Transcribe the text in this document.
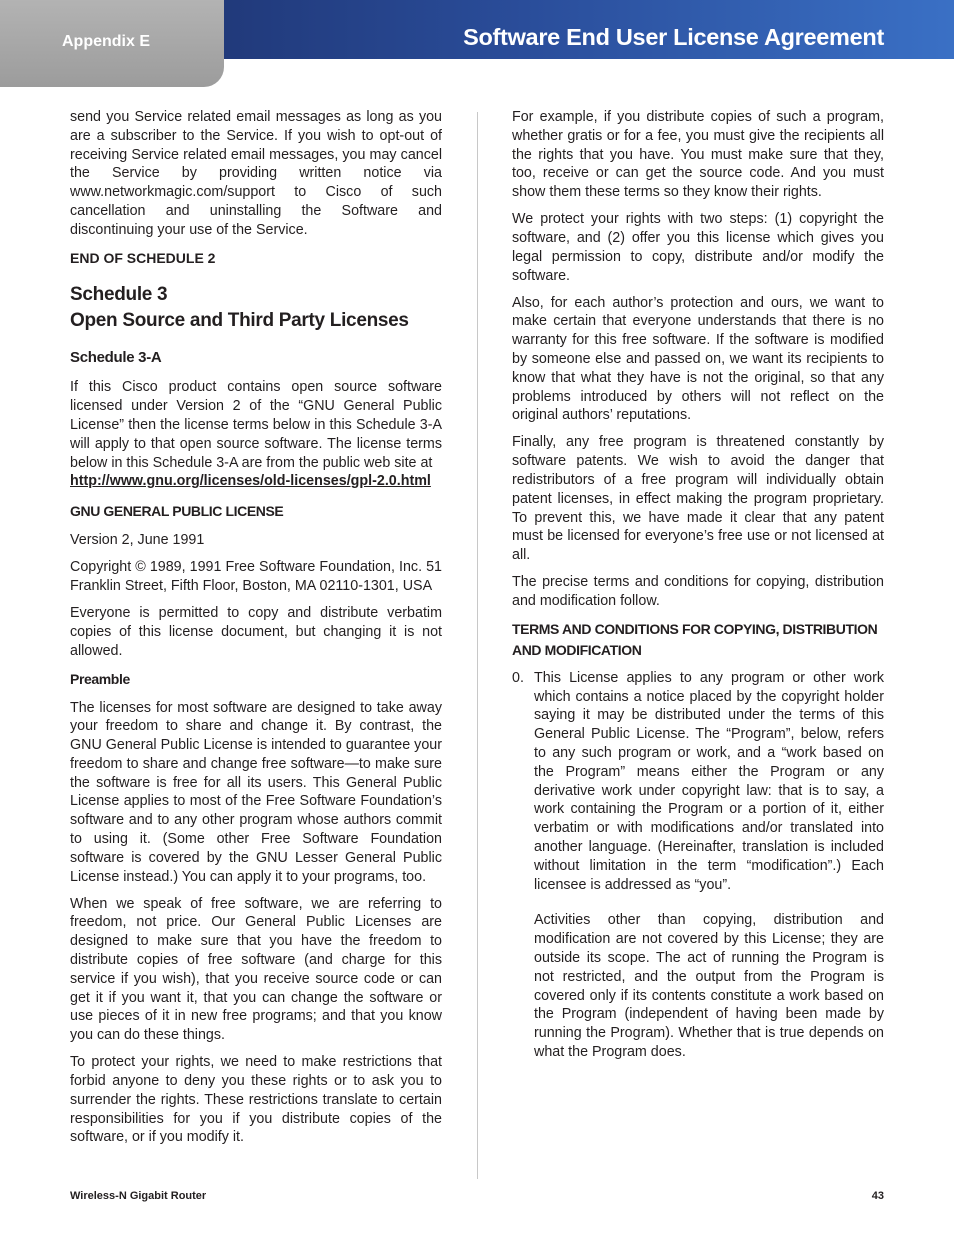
Appendix E	Software End User License Agreement

send you Service related email messages as long as you are a subscriber to the Service. If you wish to opt-out of receiving Service related email messages, you may cancel the Service by providing written notice via www.networkmagic.com/support to Cisco of such cancellation and uninstalling the Software and discontinuing your use of the Service.

END OF SCHEDULE 2

Schedule 3
Open Source and Third Party Licenses
Schedule 3-A

If this Cisco product contains open source software licensed under Version 2 of the “GNU General Public License” then the license terms below in this Schedule 3-A will apply to that open source software. The license terms below in this Schedule 3-A are from the public web site at

http://www.gnu.org/licenses/old-licenses/gpl-2.0.html

GNU GENERAL PUBLIC LICENSE

Version 2, June 1991

Copyright © 1989, 1991 Free Software Foundation, Inc. 51 Franklin Street, Fifth Floor, Boston, MA 02110-1301, USA

Everyone is permitted to copy and distribute verbatim copies of this license document, but changing it is not allowed.

Preamble

The licenses for most software are designed to take away your freedom to share and change it. By contrast, the GNU General Public License is intended to guarantee your freedom to share and change free software—to make sure the software is free for all its users. This General Public License applies to most of the Free Software Foundation’s software and to any other program whose authors commit to using it. (Some other Free Software Foundation software is covered by the GNU Lesser General Public License instead.) You can apply it to your programs, too.

When we speak of free software, we are referring to freedom, not price. Our General Public Licenses are designed to make sure that you have the freedom to distribute copies of free software (and charge for this service if you wish), that you receive source code or can get it if you want it, that you can change the software or use pieces of it in new free programs; and that you know you can do these things.

To protect your rights, we need to make restrictions that forbid anyone to deny you these rights or to ask you to surrender the rights. These restrictions translate to certain responsibilities for you if you distribute copies of the software, or if you modify it.

For example, if you distribute copies of such a program, whether gratis or for a fee, you must give the recipients all the rights that you have. You must make sure that they, too, receive or can get the source code. And you must show them these terms so they know their rights.

We protect your rights with two steps: (1) copyright the software, and (2) offer you this license which gives you legal permission to copy, distribute and/or modify the software.

Also, for each author’s protection and ours, we want to make certain that everyone understands that there is no warranty for this free software. If the software is modified by someone else and passed on, we want its recipients to know that what they have is not the original, so that any problems introduced by others will not reflect on the original authors’ reputations.

Finally, any free program is threatened constantly by software patents. We wish to avoid the danger that redistributors of a free program will individually obtain patent licenses, in effect making the program proprietary. To prevent this, we have made it clear that any patent must be licensed for everyone’s free use or not licensed at all.

The precise terms and conditions for copying, distribution and modification follow.

TERMS AND CONDITIONS FOR COPYING, DISTRIBUTION AND MODIFICATION
0. This License applies to any program or other work which contains a notice placed by the copyright holder saying it may be distributed under the terms of this General Public License. The “Program”, below, refers to any such program or work, and a “work based on the Program” means either the Program or any derivative work under copyright law: that is to say, a work containing the Program or a portion of it, either verbatim or with modifications and/or translated into another language. (Hereinafter, translation is included without limitation in the term “modification”.) Each licensee is addressed as “you”.

Activities other than copying, distribution and modification are not covered by this License; they are outside its scope. The act of running the Program is not restricted, and the output from the Program is covered only if its contents constitute a work based on the Program (independent of having been made by running the Program). Whether that is true depends on what the Program does.

Wireless-N Gigabit Router	43
